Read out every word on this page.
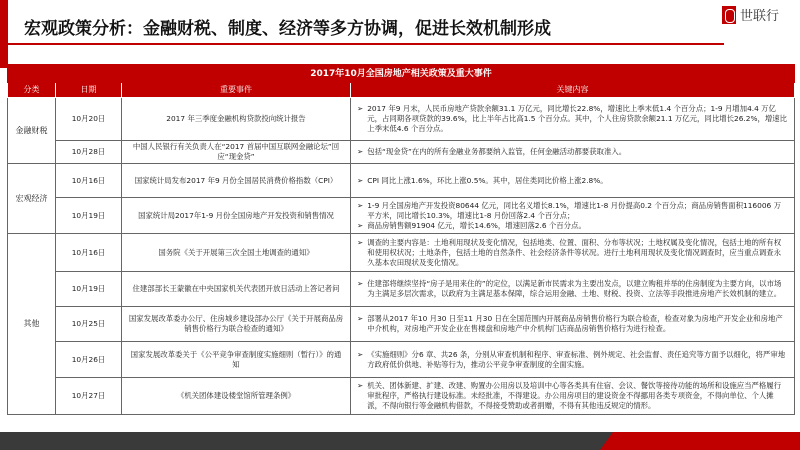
宏观政策分析：金融财税、制度、经济等多方协调，促进长效机制形成
世联行
2017年10月全国房地产相关政策及重大事件			
分类	日期	重要事件	关键内容
金融财税	10月20日	2017 年三季度金融机构贷款投向统计报告	➢ 2017 年9 月末，人民币房地产贷款余额31.1 万亿元，同比增长22.8%，增速比上季末低1.4 个百分点；1-9 月增加4.4 万亿元，占同期各项贷款的39.6%，比上半年占比高1.5 个百分点。其中，个人住房贷款余额21.1 万亿元，同比增长26.2%，增速比上季末低4.6 个百分点。

	10月28日	中国人民银行有关负责人在“2017 首届中国互联网金融论坛”回应“现金贷”	➢ 包括“现金贷”在内的所有金融业务都要纳入监管，任何金融活动都要获取准入。

宏观经济	10月16日	国家统计局发布2017 年9 月份全国居民消费价格指数（CPI）	➢ CPI 同比上涨1.6%，环比上涨0.5%。其中，居住类同比价格上涨2.8%。

	10月19日	国家统计局2017年1-9 月份全国房地产开发投资和销售情况	➢ 1-9 月全国房地产开发投资80644 亿元，同比名义增长8.1%，增速比1-8 月份提高0.2 个百分点；商品房销售面积116006 万平方米，同比增长10.3%，增速比1-8 月份回落2.4 个百分点；
➢ 商品房销售额91904 亿元，增长14.6%，增速回落2.6 个百分点。

其他	10月16日	国务院《关于开展第三次全国土地调查的通知》	➢ 调查的主要内容是：土地利用现状及变化情况，包括地类、位置、面积、分布等状况；土地权属及变化情况，包括土地的所有权和使用权状况；土地条件，包括土地的自然条件、社会经济条件等状况。进行土地利用现状及变化情况调查时，应当重点调查永久基本农田现状及变化情况。

	10月19日	住建部部长王蒙徽在中央国家机关代表团开放日活动上答记者问	➢ 住建部将继续坚持“房子是用来住的”的定位，以满足新市民需求为主要出发点，以建立购租并举的住房制度为主要方向，以市场为主满足多层次需求，以政府为主满足基本保障，综合运用金融、土地、财税、投资、立法等手段推进房地产长效机制的建立。

	10月25日	国家发展改革委办公厅、住房城乡建设部办公厅《关于开展商品房销售价格行为联合检查的通知》	➢ 部署从2017 年10 月30 日至11 月30 日在全国范围内开展商品房销售价格行为联合检查，检查对象为房地产开发企业和房地产中介机构，对房地产开发企业在售楼盘和房地产中介机构门店商品房销售价格行为进行检查。

	10月26日	国家发展改革委关于《公平竞争审查制度实施细则（暂行）》的通知	➢ 《实施细则》分6 章、共26 条，分别从审查机制和程序、审查标准、例外规定、社会监督、责任追究等方面予以细化，将严审地方政府低价供地、补贴等行为，推动公平竞争审查制度的全面实施。

	10月27日	《机关团体建设楼堂馆所管理条例》	➢ 机关、团体新建、扩建、改建、购置办公用房以及培训中心等各类具有住宿、会议、餐饮等接待功能的场所和设施应当严格履行审批程序，严格执行建设标准。未经批准，不得建设。办公用房项目的建设资金不得挪用各类专项资金，不得向单位、个人摊派，不得向银行等金融机构借款，不得接受赞助或者捐赠，不得有其他违反规定的情形。
